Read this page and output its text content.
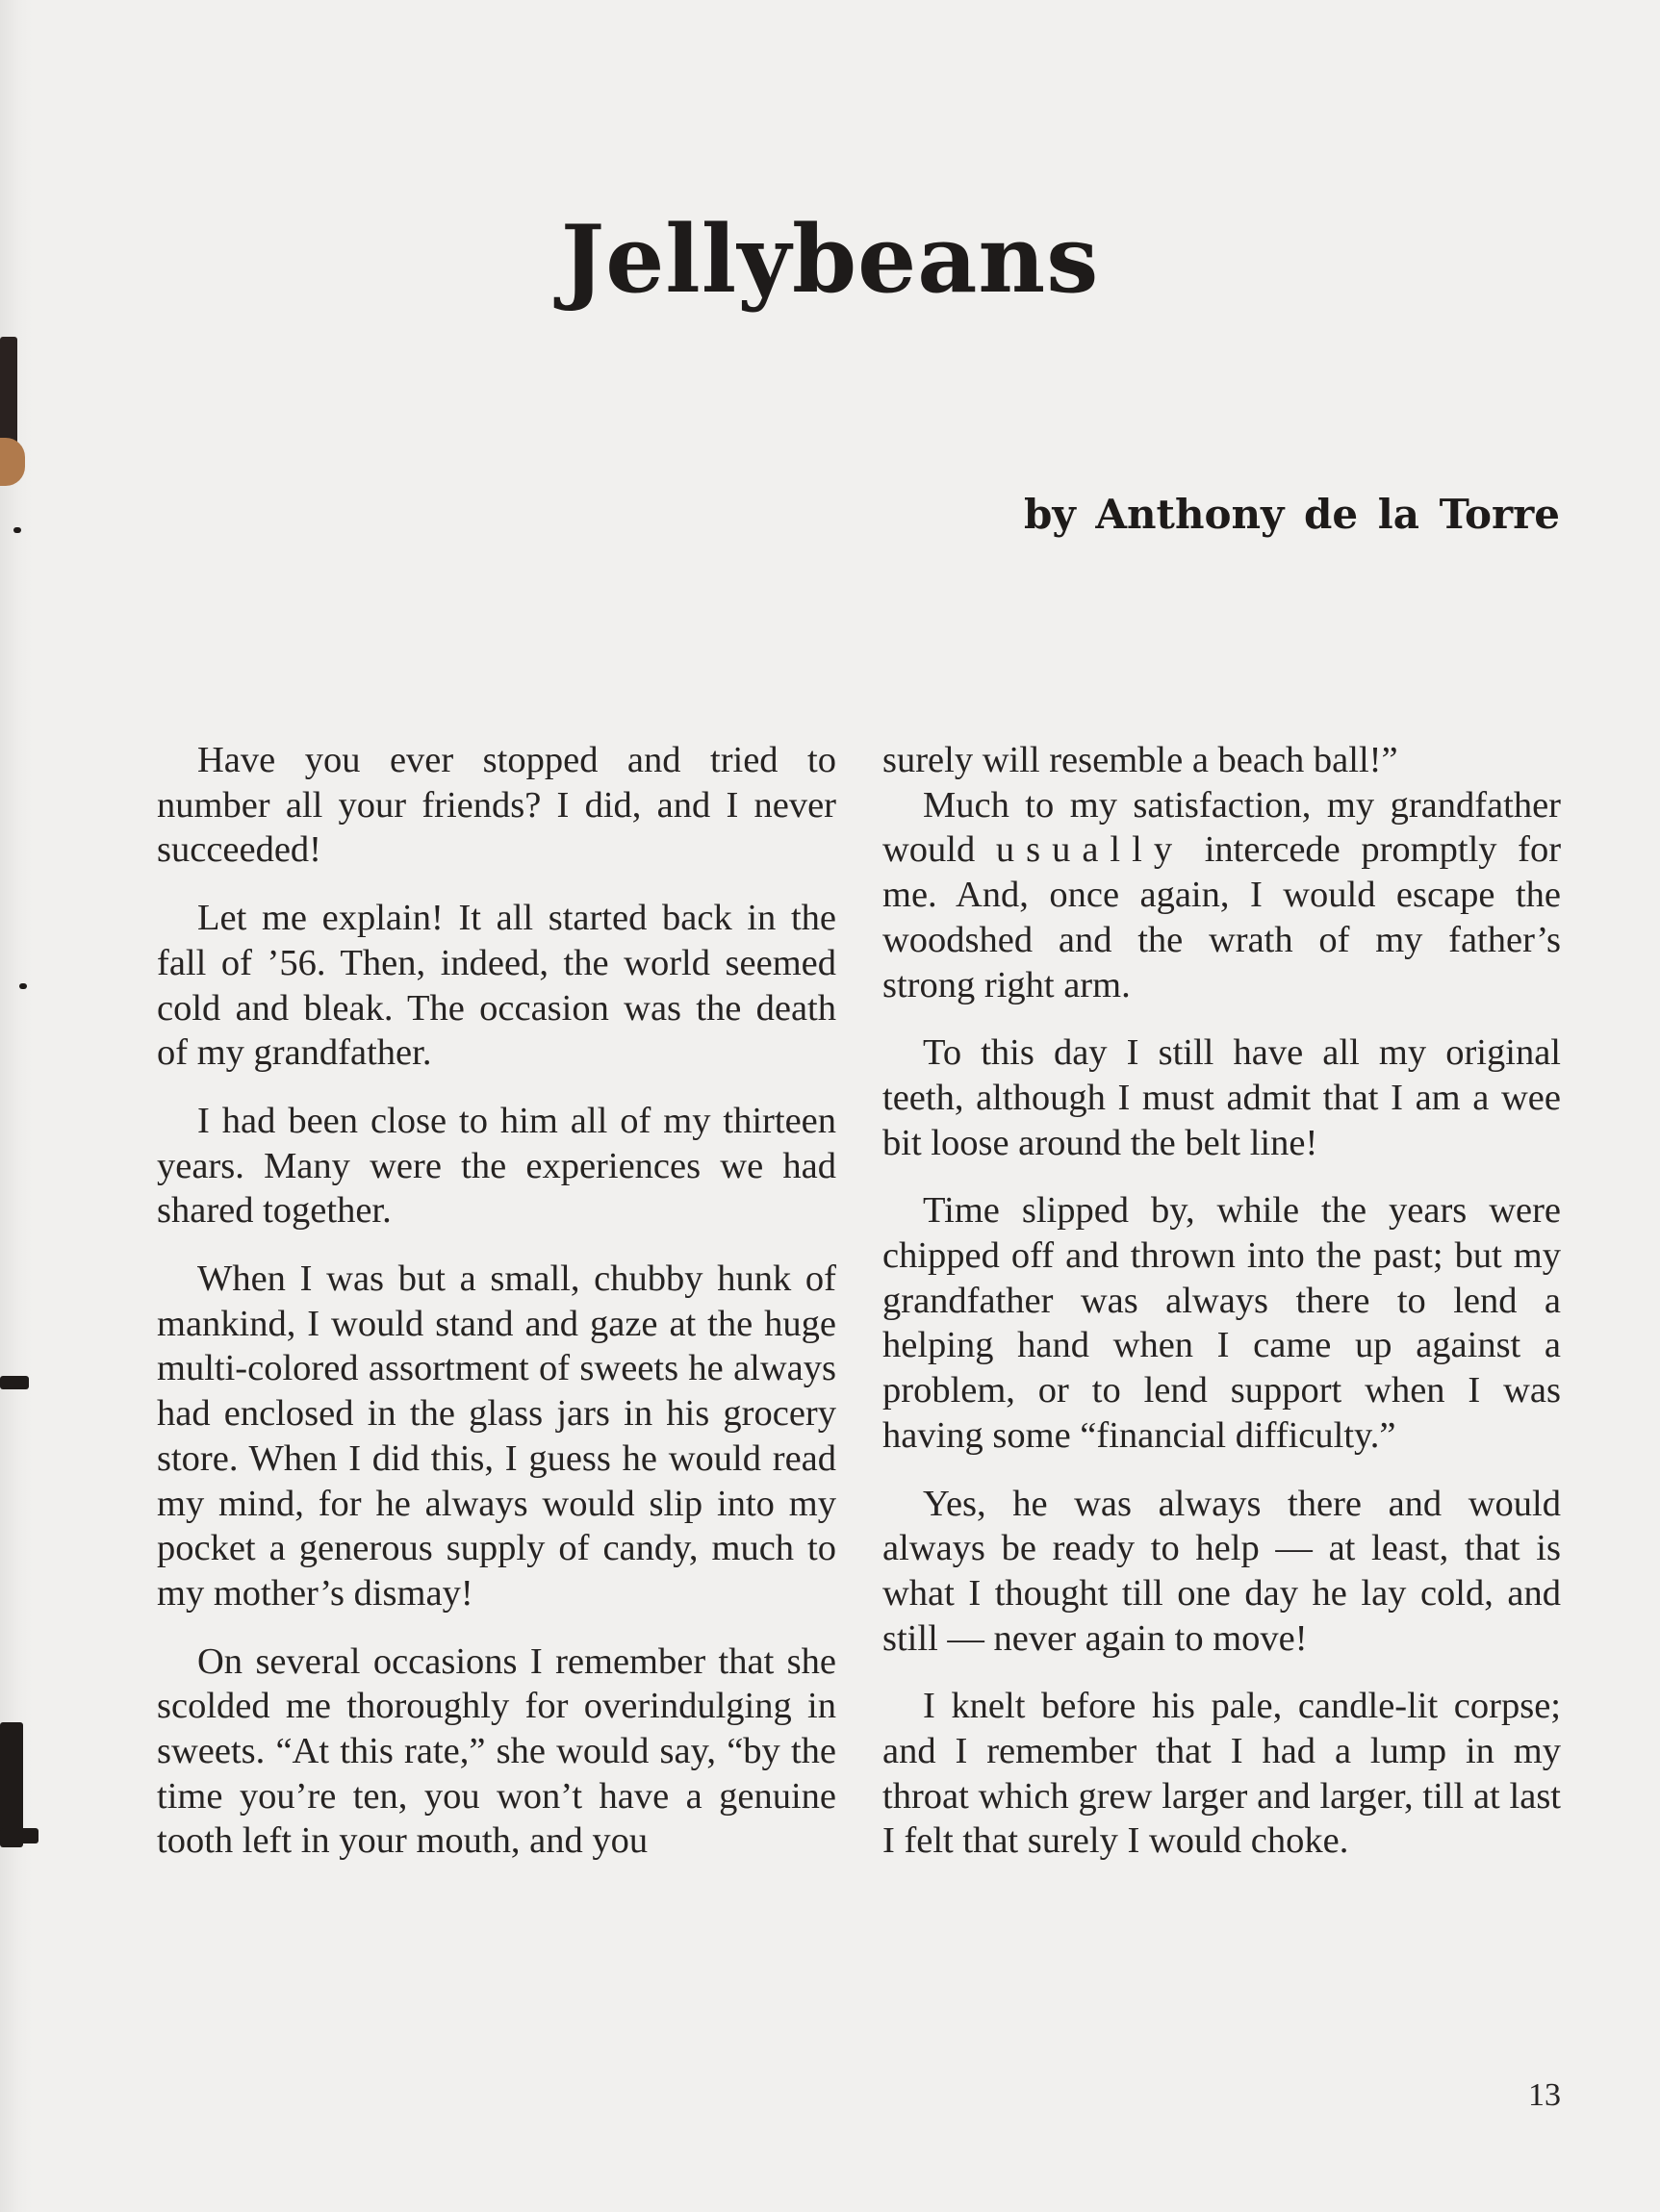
Jellybeans
by Anthony de la Torre

Have you ever stopped and tried to number all your friends? I did, and I never succeeded!

Let me explain! It all started back in the fall of ’56. Then, indeed, the world seemed cold and bleak. The occasion was the death of my grandfather.

I had been close to him all of my thirteen years. Many were the experiences we had shared together.

When I was but a small, chubby hunk of mankind, I would stand and gaze at the huge multi-colored assortment of sweets he always had enclosed in the glass jars in his grocery store. When I did this, I guess he would read my mind, for he always would slip into my pocket a generous supply of candy, much to my mother’s dismay!

On several occasions I remember that she scolded me thoroughly for overindulging in sweets. “At this rate,” she would say, “by the time you’re ten, you won’t have a genuine tooth left in your mouth, and you

surely will resemble a beach ball!”

Much to my satisfaction, my grandfather would usually intercede promptly for me. And, once again, I would escape the woodshed and the wrath of my father’s strong right arm.

To this day I still have all my original teeth, although I must admit that I am a wee bit loose around the belt line!

Time slipped by, while the years were chipped off and thrown into the past; but my grandfather was always there to lend a helping hand when I came up against a problem, or to lend support when I was having some “financial difficulty.”

Yes, he was always there and would always be ready to help — at least, that is what I thought till one day he lay cold, and still — never again to move!

I knelt before his pale, candle-lit corpse; and I remember that I had a lump in my throat which grew larger and larger, till at last I felt that surely I would choke.

13
